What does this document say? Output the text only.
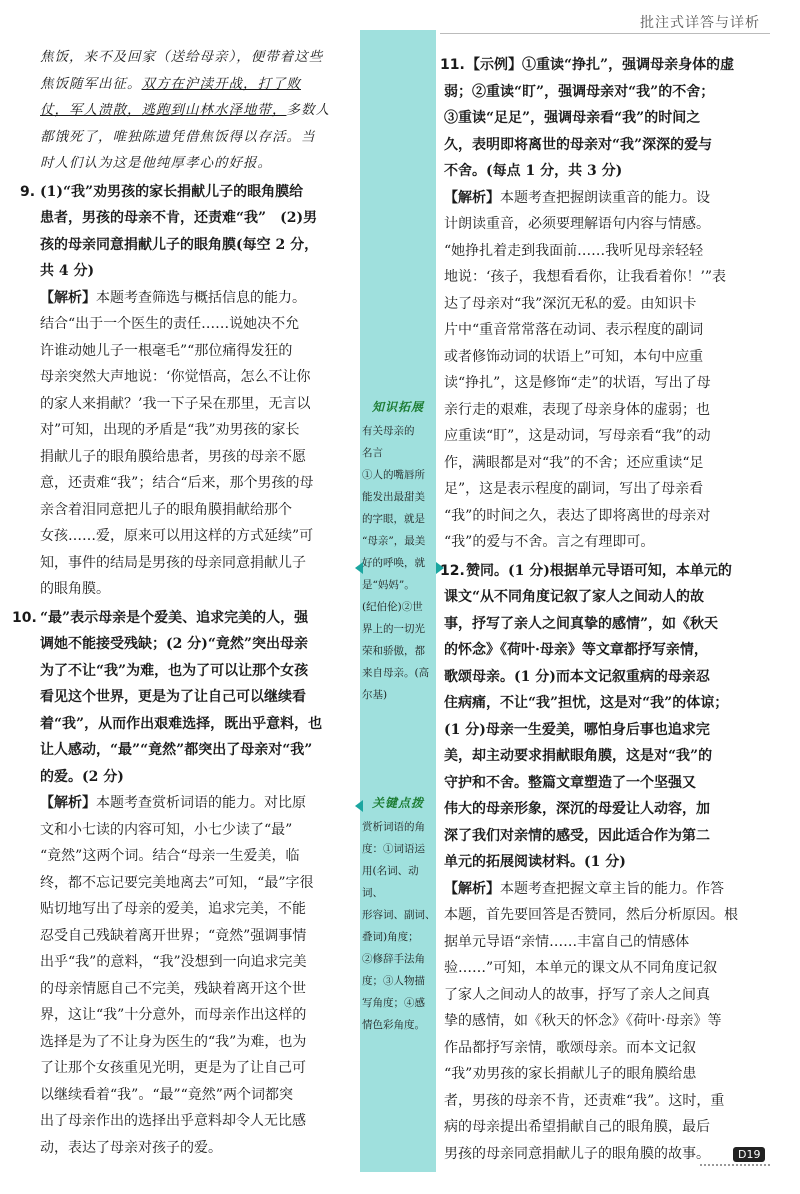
批注式详答与详析

焦饭，来不及回家（送给母亲），便带着这些

焦饭随军出征。双方在沪渎开战，打了败

仗，军人溃散，逃跑到山林水泽地带，多数人

都饿死了，唯独陈遗凭借焦饭得以存活。当

时人们认为这是他纯厚孝心的好报。

9. (1)“我”劝男孩的家长捐献儿子的眼角膜给

患者，男孩的母亲不肯，还责难“我”　(2)男

孩的母亲同意捐献儿子的眼角膜(每空 2 分，

共 4 分)

【解析】本题考查筛选与概括信息的能力。

结合“出于一个医生的责任……说她决不允

许谁动她儿子一根毫毛”“那位痛得发狂的

母亲突然大声地说：‘你觉悟高，怎么不让你

的家人来捐献？’我一下子呆在那里，无言以

对”可知，出现的矛盾是“我”劝男孩的家长

捐献儿子的眼角膜给患者，男孩的母亲不愿

意，还责难“我”；结合“后来，那个男孩的母

亲含着泪同意把儿子的眼角膜捐献给那个

女孩……爱，原来可以用这样的方式延续”可

知，事件的结局是男孩的母亲同意捐献儿子

的眼角膜。

10. “最”表示母亲是个爱美、追求完美的人，强

调她不能接受残缺；(2 分)“竟然”突出母亲

为了不让“我”为难，也为了可以让那个女孩

看见这个世界，更是为了让自己可以继续看

着“我”，从而作出艰难选择，既出乎意料，也

让人感动，“最”“竟然”都突出了母亲对“我”

的爱。(2 分)

【解析】本题考查赏析词语的能力。对比原

文和小七读的内容可知，小七少读了“最”

“竟然”这两个词。结合“母亲一生爱美，临

终，都不忘记要完美地离去”可知，“最”字很

贴切地写出了母亲的爱美，追求完美，不能

忍受自己残缺着离开世界；“竟然”强调事情

出乎“我”的意料，“我”没想到一向追求完美

的母亲情愿自己不完美，残缺着离开这个世

界，这让“我”十分意外，而母亲作出这样的

选择是为了不让身为医生的“我”为难，也为

了让那个女孩重见光明，更是为了让自己可

以继续看着“我”。“最”“竟然”两个词都突

出了母亲作出的选择出乎意料却令人无比感

动，表达了母亲对孩子的爱。

知识拓展
有关母亲的
名言
①人的嘴唇所
能发出最甜美
的字眼，就是
“母亲”，最美
好的呼唤，就
是“妈妈”。
(纪伯伦)②世
界上的一切光
荣和骄傲，都
来自母亲。(高
尔基)
关键点拨
赏析词语的角
度：①词语运
用(名词、动词、
形容词、副词、
叠词)角度；
②修辞手法角
度；③人物描
写角度；④感
情色彩角度。
11. 【示例】①重读“挣扎”，强调母亲身体的虚

弱；②重读“盯”，强调母亲对“我”的不舍；

③重读“足足”，强调母亲看“我”的时间之

久，表明即将离世的母亲对“我”深深的爱与

不舍。(每点 1 分，共 3 分)

【解析】本题考查把握朗读重音的能力。设

计朗读重音，必须要理解语句内容与情感。

“她挣扎着走到我面前……我听见母亲轻轻

地说：‘孩子，我想看看你，让我看着你！’”表

达了母亲对“我”深沉无私的爱。由知识卡

片中“重音常常落在动词、表示程度的副词

或者修饰动词的状语上”可知，本句中应重

读“挣扎”，这是修饰“走”的状语，写出了母

亲行走的艰难，表现了母亲身体的虚弱；也

应重读“盯”，这是动词，写母亲看“我”的动

作，满眼都是对“我”的不舍；还应重读“足

足”，这是表示程度的副词，写出了母亲看

“我”的时间之久，表达了即将离世的母亲对

“我”的爱与不舍。言之有理即可。

12. 赞同。(1 分)根据单元导语可知，本单元的

课文“从不同角度记叙了家人之间动人的故

事，抒写了亲人之间真挚的感情”，如《秋天

的怀念》《荷叶·母亲》等文章都抒写亲情，

歌颂母亲。(1 分)而本文记叙重病的母亲忍

住病痛，不让“我”担忧，这是对“我”的体谅；

(1 分)母亲一生爱美，哪怕身后事也追求完

美，却主动要求捐献眼角膜，这是对“我”的

守护和不舍。整篇文章塑造了一个坚强又

伟大的母亲形象，深沉的母爱让人动容，加

深了我们对亲情的感受，因此适合作为第二

单元的拓展阅读材料。(1 分)

【解析】本题考查把握文章主旨的能力。作答

本题，首先要回答是否赞同，然后分析原因。根

据单元导语“亲情……丰富自己的情感体

验……”可知，本单元的课文从不同角度记叙

了家人之间动人的故事，抒写了亲人之间真

挚的感情，如《秋天的怀念》《荷叶·母亲》等

作品都抒写亲情，歌颂母亲。而本文记叙

“我”劝男孩的家长捐献儿子的眼角膜给患

者，男孩的母亲不肯，还责难“我”。这时，重

病的母亲提出希望捐献自己的眼角膜，最后

男孩的母亲同意捐献儿子的眼角膜的故事。	D19
